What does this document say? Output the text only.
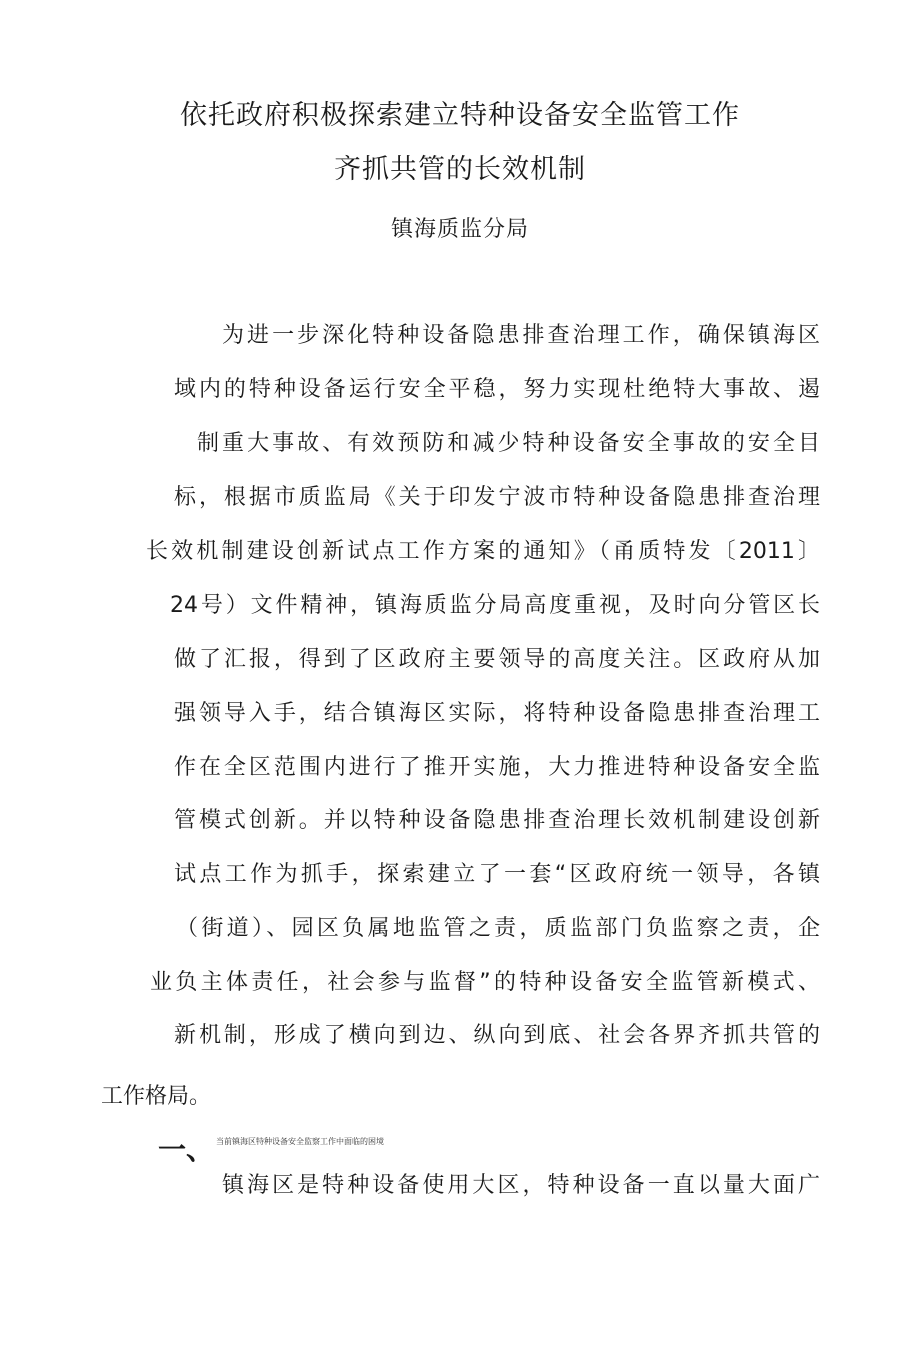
依托政府积极探索建立特种设备安全监管工作
齐抓共管的长效机制
镇海质监分局
为进一步深化特种设备隐患排查治理工作，确保镇海区
域内的特种设备运行安全平稳，努力实现杜绝特大事故、遏
制重大事故、有效预防和减少特种设备安全事故的安全目
标，根据市质监局《关于印发宁波市特种设备隐患排查治理
长效机制建设创新试点工作方案的通知》（甬质特发〔2011〕
24号）文件精神，镇海质监分局高度重视，及时向分管区长
做了汇报，得到了区政府主要领导的高度关注。区政府从加
强领导入手，结合镇海区实际，将特种设备隐患排查治理工
作在全区范围内进行了推开实施，大力推进特种设备安全监
管模式创新。并以特种设备隐患排查治理长效机制建设创新
试点工作为抓手，探索建立了一套“区政府统一领导，各镇
（街道）、园区负属地监管之责，质监部门负监察之责，企
业负主体责任，社会参与监督”的特种设备安全监管新模式、
新机制，形成了横向到边、纵向到底、社会各界齐抓共管的
工作格局。
一、 当前镇海区特种设备安全监察工作中面临的困境
镇海区是特种设备使用大区，特种设备一直以量大面广
